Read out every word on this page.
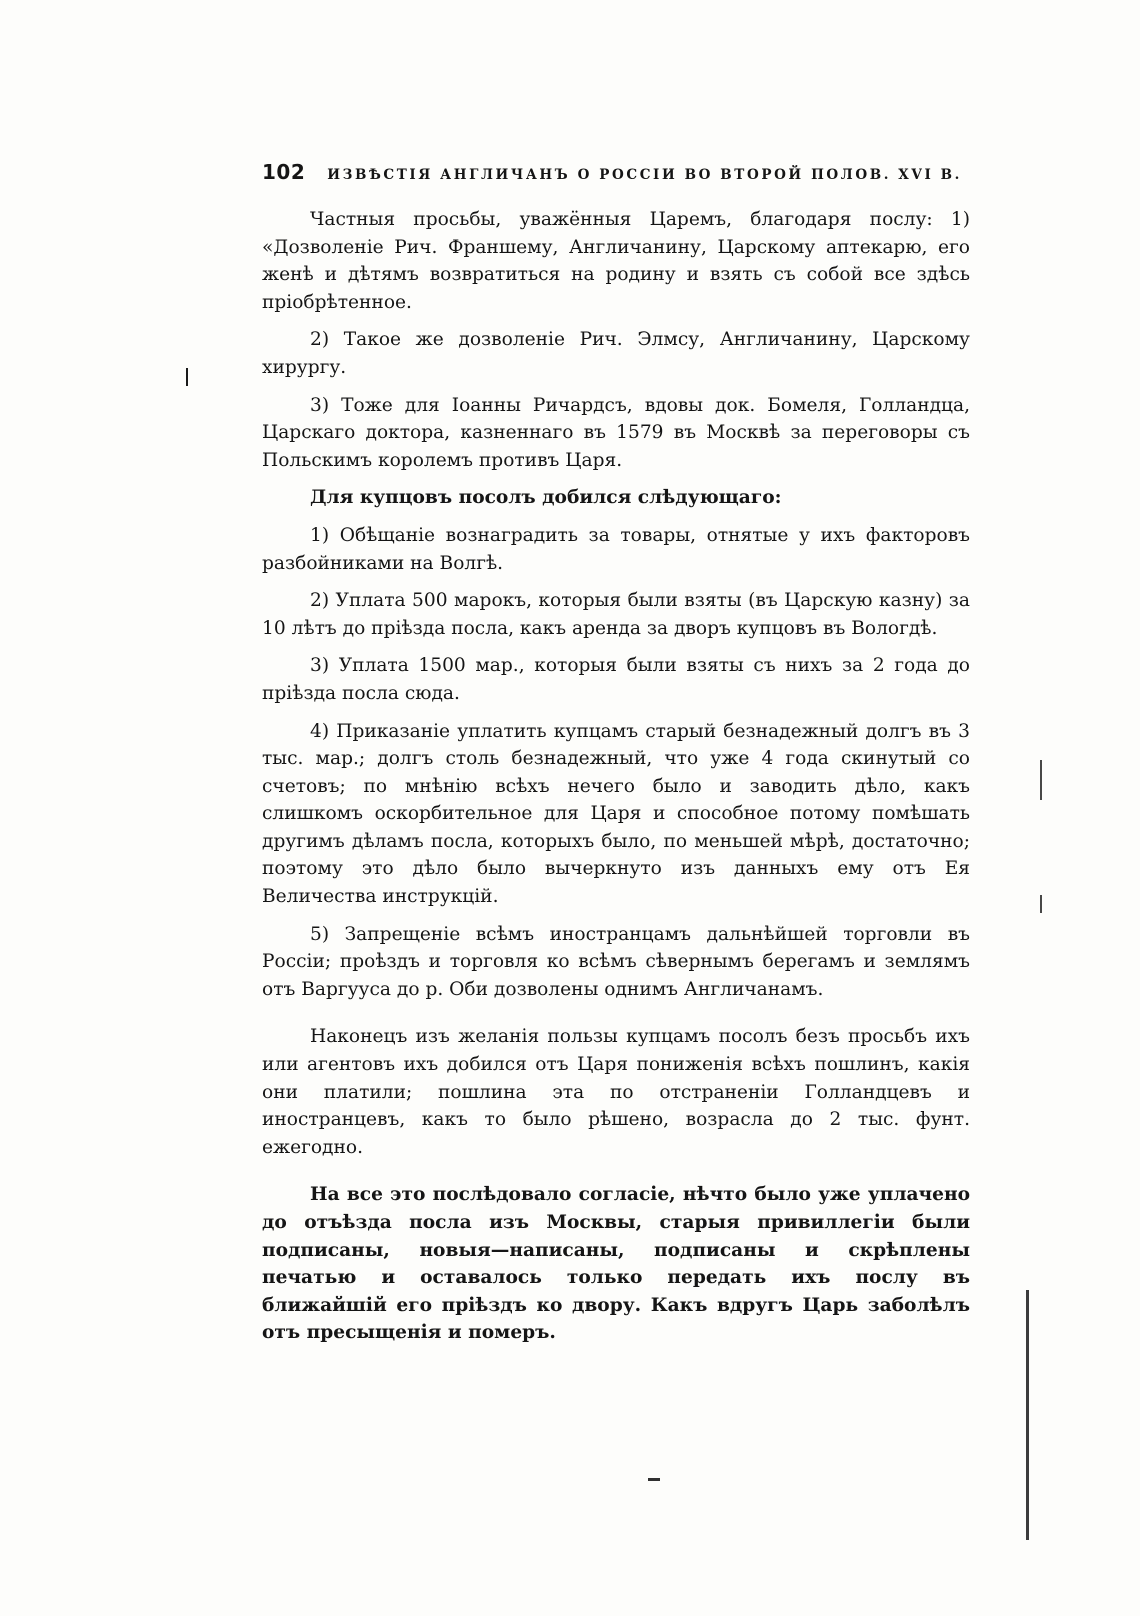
102 ИЗВѢСТІЯ АНГЛИЧАНЪ О РОССІИ ВО ВТОРОЙ ПОЛОВ. XVI В.

Частныя просьбы, уважённыя Царемъ, благодаря послу: 1) «Дозволеніе Рич. Франшему, Англичанину, Царскому аптекарю, его женѣ и дѣтямъ возвратиться на родину и взять съ собой все здѣсь пріобрѣтенное.

2) Такое же дозволеніе Рич. Элмсу, Англичанину, Царскому хирургу.

3) Тоже для Іоанны Ричардсъ, вдовы док. Бомеля, Голландца, Царскаго доктора, казненнаго въ 1579 въ Москвѣ за переговоры съ Польскимъ королемъ противъ Царя.

Для купцовъ посолъ добился слѣдующаго:

1) Обѣщаніе вознаградить за товары, отнятые у ихъ факторовъ разбойниками на Волгѣ.

2) Уплата 500 марокъ, которыя были взяты (въ Царскую казну) за 10 лѣтъ до пріѣзда посла, какъ аренда за дворъ купцовъ въ Вологдѣ.

3) Уплата 1500 мар., которыя были взяты съ нихъ за 2 года до пріѣзда посла сюда.

4) Приказаніе уплатить купцамъ старый безнадежный долгъ въ 3 тыс. мар.; долгъ столь безнадежный, что уже 4 года скинутый со счетовъ; по мнѣнію всѣхъ нечего было и заводить дѣло, какъ слишкомъ оскорбительное для Царя и способное потому помѣшать другимъ дѣламъ посла, которыхъ было, по меньшей мѣрѣ, достаточно; поэтому это дѣло было вычеркнуто изъ данныхъ ему отъ Ея Величества инструкцій.

5) Запрещеніе всѣмъ иностранцамъ дальнѣйшей торговли въ Россіи; проѣздъ и торговля ко всѣмъ сѣвернымъ берегамъ и землямъ отъ Варгууса до р. Оби дозволены однимъ Англичанамъ.

Наконецъ изъ желанія пользы купцамъ посолъ безъ просьбъ ихъ или агентовъ ихъ добился отъ Царя пониженія всѣхъ пошлинъ, какія они платили; пошлина эта по отстраненіи Голландцевъ и иностранцевъ, какъ то было рѣшено, возрасла до 2 тыс. фунт. ежегодно.

На все это послѣдовало согласіе, нѣчто было уже уплачено до отъѣзда посла изъ Москвы, старыя привиллегіи были подписаны, новыя—написаны, подписаны и скрѣплены печатью и оставалось только передать ихъ послу въ ближайшій его пріѣздъ ко двору. Какъ вдругъ Царь заболѣлъ отъ пресыщенія и померъ.
